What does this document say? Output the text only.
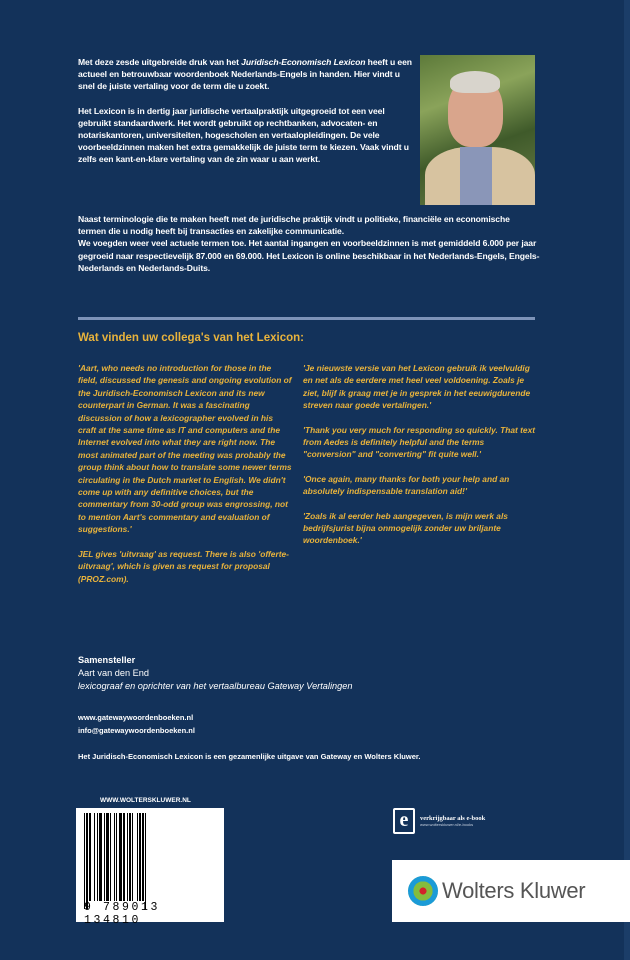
Met deze zesde uitgebreide druk van het Juridisch-Economisch Lexicon heeft u een actueel en betrouwbaar woordenboek Nederlands-Engels in handen. Hier vindt u snel de juiste vertaling voor de term die u zoekt.

Het Lexicon is in dertig jaar juridische vertaalpraktijk uitgegroeid tot een veel gebruikt standaardwerk. Het wordt gebruikt op rechtbanken, advocaten- en notariskantoren, universiteiten, hogescholen en vertaalopleidingen. De vele voorbeeldzinnen maken het extra gemakkelijk de juiste term te kiezen. Vaak vindt u zelfs een kant-en-klare vertaling van de zin waar u aan werkt.

Naast terminologie die te maken heeft met de juridische praktijk vindt u politieke, financiële en economische termen die u nodig heeft bij transacties en zakelijke communicatie.
We voegden weer veel actuele termen toe. Het aantal ingangen en voorbeeldzinnen is met gemiddeld 6.000 per jaar gegroeid naar respectievelijk 87.000 en 69.000. Het Lexicon is online beschikbaar in het Nederlands-Engels, Engels-Nederlands en Nederlands-Duits.
Wat vinden uw collega's van het Lexicon:

'Aart, who needs no introduction for those in the field, discussed the genesis and ongoing evolution of the Juridisch-Economisch Lexicon and its new counterpart in German. It was a fascinating discussion of how a lexicographer evolved in his craft at the same time as IT and computers and the Internet evolved into what they are right now. The most animated part of the meeting was probably the group think about how to translate some newer terms circulating in the Dutch market to English. We didn't come up with any definitive choices, but the commentary from 30-odd group was engrossing, not to mention Aart's commentary and evaluation of suggestions.'

JEL gives 'uitvraag' as request. There is also 'offerte-uitvraag', which is given as request for proposal (PROZ.com).

'Je nieuwste versie van het Lexicon gebruik ik veelvuldig en net als de eerdere met heel veel voldoening. Zoals je ziet, blijf ik graag met je in gesprek in het eeuwigdurende streven naar goede vertalingen.'

'Thank you very much for responding so quickly. That text from Aedes is definitely helpful and the terms "conversion" and "converting" fit quite well.'

'Once again, many thanks for both your help and an absolutely indispensable translation aid!'

'Zoals ik al eerder heb aangegeven, is mijn werk als bedrijfsjurist bijna onmogelijk zonder uw briljante woordenboek.'

Samensteller
Aart van den End
lexicograaf en oprichter van het vertaalbureau Gateway Vertalingen
www.gatewaywoordenboeken.nl
info@gatewaywoordenboeken.nl
Het Juridisch-Economisch Lexicon is een gezamenlijke uitgave van Gateway en Wolters Kluwer.
WWW.WOLTERSKLUWER.NL
9 789013 134810
e	verkrijgbaar als e-book
www.wolterskluwer.nl/e-books
Wolters Kluwer
